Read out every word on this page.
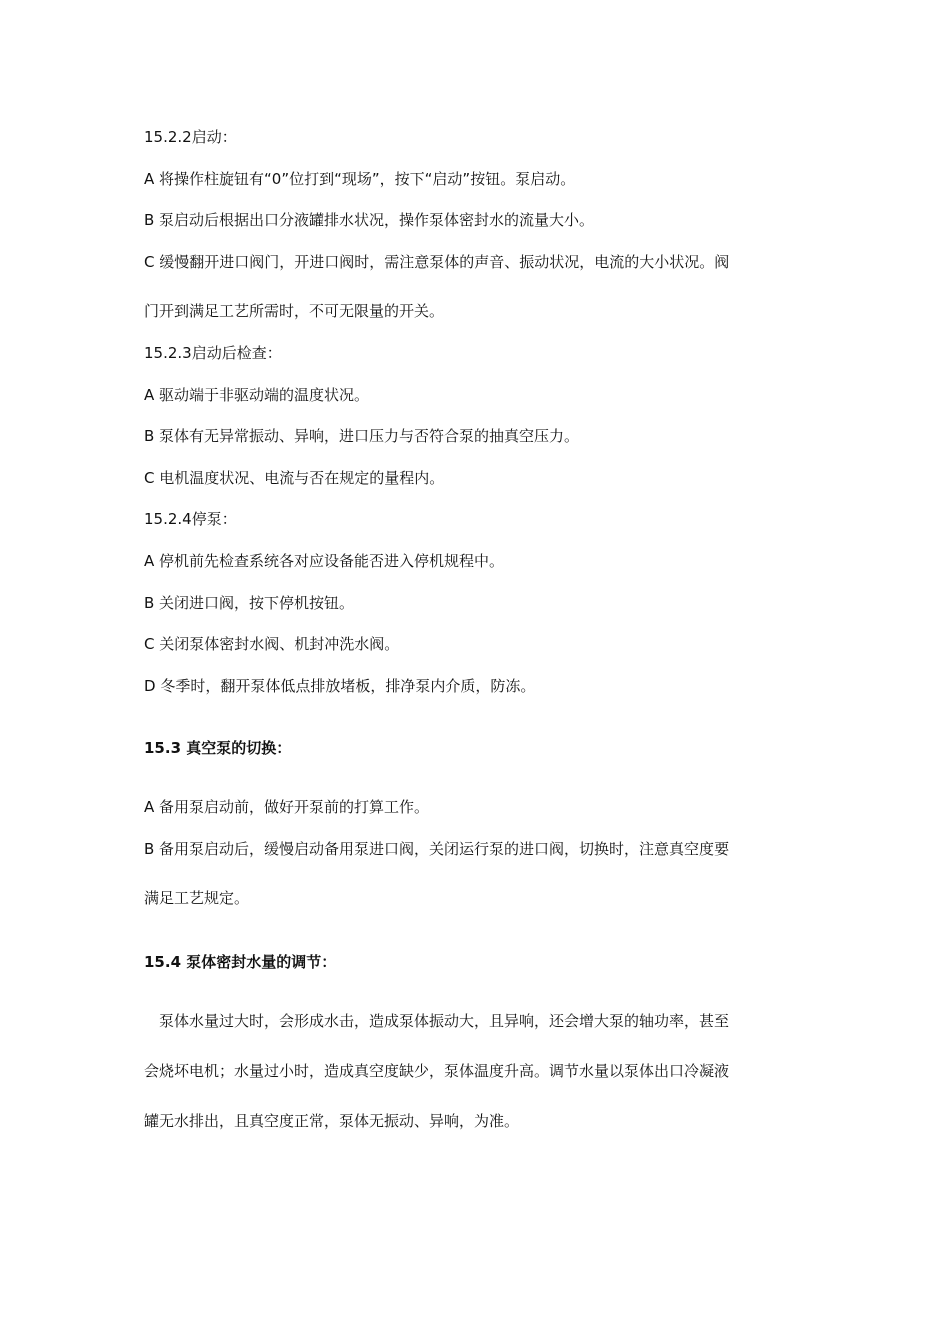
15.2.2启动：
A 将操作柱旋钮有“0”位打到“现场”，按下“启动”按钮。泵启动。
B 泵启动后根据出口分液罐排水状况，操作泵体密封水的流量大小。
C 缓慢翻开进口阀门，开进口阀时，需注意泵体的声音、振动状况，电流的大小状况。阀
门开到满足工艺所需时，不可无限量的开关。
15.2.3启动后检查：
A 驱动端于非驱动端的温度状况。
B 泵体有无异常振动、异响，进口压力与否符合泵的抽真空压力。
C 电机温度状况、电流与否在规定的量程内。
15.2.4停泵：
A 停机前先检查系统各对应设备能否进入停机规程中。
B 关闭进口阀，按下停机按钮。
C 关闭泵体密封水阀、机封冲洗水阀。
D 冬季时，翻开泵体低点排放堵板，排净泵内介质，防冻。
15.3 真空泵的切换：
A 备用泵启动前，做好开泵前的打算工作。
B 备用泵启动后，缓慢启动备用泵进口阀，关闭运行泵的进口阀，切换时，注意真空度要
满足工艺规定。
15.4 泵体密封水量的调节：
　泵体水量过大时，会形成水击，造成泵体振动大，且异响，还会增大泵的轴功率，甚至
会烧坏电机；水量过小时，造成真空度缺少，泵体温度升高。调节水量以泵体出口冷凝液
罐无水排出，且真空度正常，泵体无振动、异响，为准。
